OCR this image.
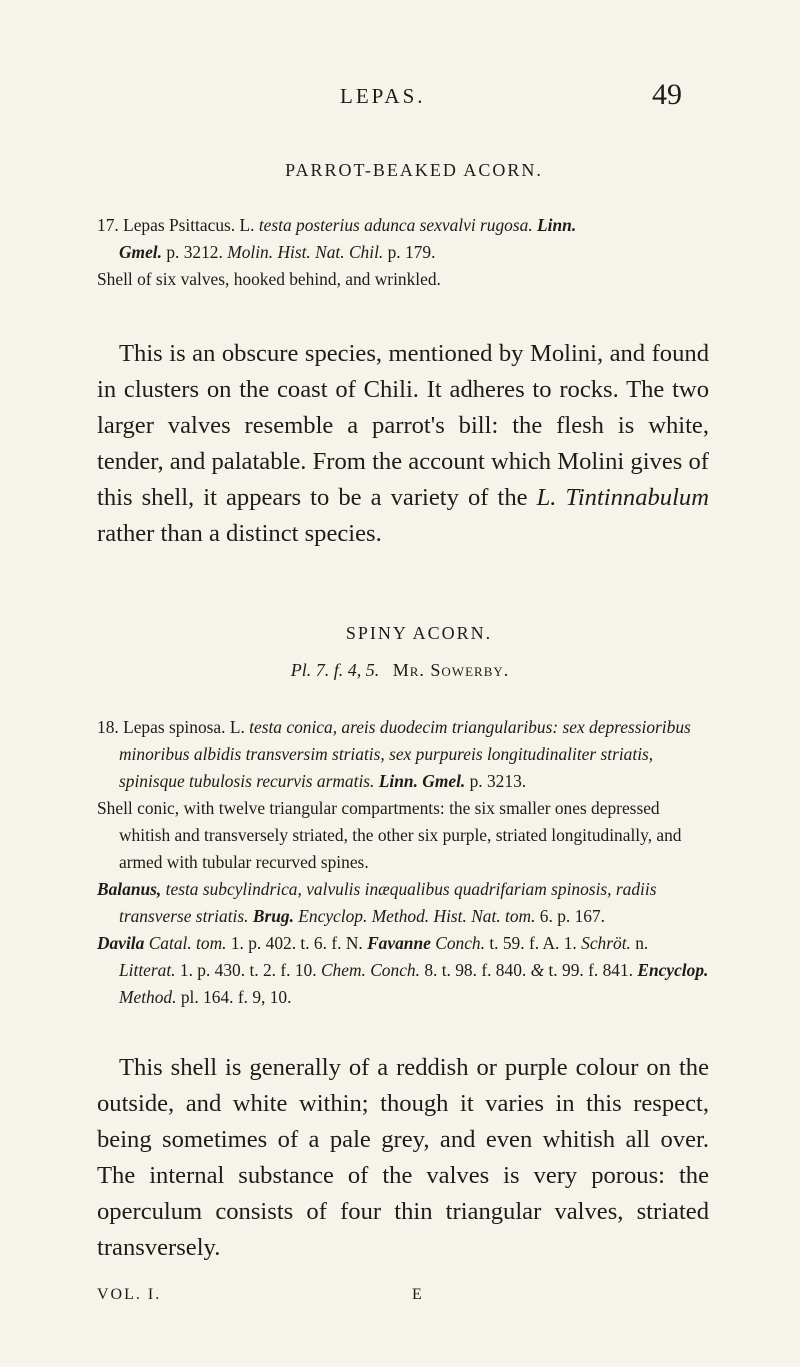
LEPAS.	49
PARROT-BEAKED ACORN.

17. Lepas Psittacus. L. testa posterius adunca sexvalvi rugosa. Linn.

Gmel. p. 3212. Molin. Hist. Nat. Chil. p. 179.

Shell of six valves, hooked behind, and wrinkled.

This is an obscure species, mentioned by Molini, and found in clusters on the coast of Chili. It adheres to rocks. The two larger valves resemble a parrot's bill: the flesh is white, tender, and palatable. From the account which Molini gives of this shell, it appears to be a variety of the L. Tintinnabulum rather than a distinct species.

SPINY ACORN.
Pl. 7. f. 4, 5. Mr. Sowerby.

18. Lepas spinosa. L. testa conica, areis duodecim triangularibus: sex depressioribus minoribus albidis transversim striatis, sex purpureis longitudinaliter striatis, spinisque tubulosis recurvis armatis. Linn. Gmel. p. 3213.

Shell conic, with twelve triangular compartments: the six smaller ones depressed whitish and transversely striated, the other six purple, striated longitudinally, and armed with tubular recurved spines.

Balanus, testa subcylindrica, valvulis inæqualibus quadrifariam spinosis, radiis transverse striatis. Brug. Encyclop. Method. Hist. Nat. tom. 6. p. 167.

Davila Catal. tom. 1. p. 402. t. 6. f. N. Favanne Conch. t. 59. f. A. 1. Schröt. n. Litterat. 1. p. 430. t. 2. f. 10. Chem. Conch. 8. t. 98. f. 840. & t. 99. f. 841. Encyclop. Method. pl. 164. f. 9, 10.

This shell is generally of a reddish or purple colour on the outside, and white within; though it varies in this respect, being sometimes of a pale grey, and even whitish all over. The internal substance of the valves is very porous: the operculum consists of four thin triangular valves, striated transversely.

VOL. I.	E
